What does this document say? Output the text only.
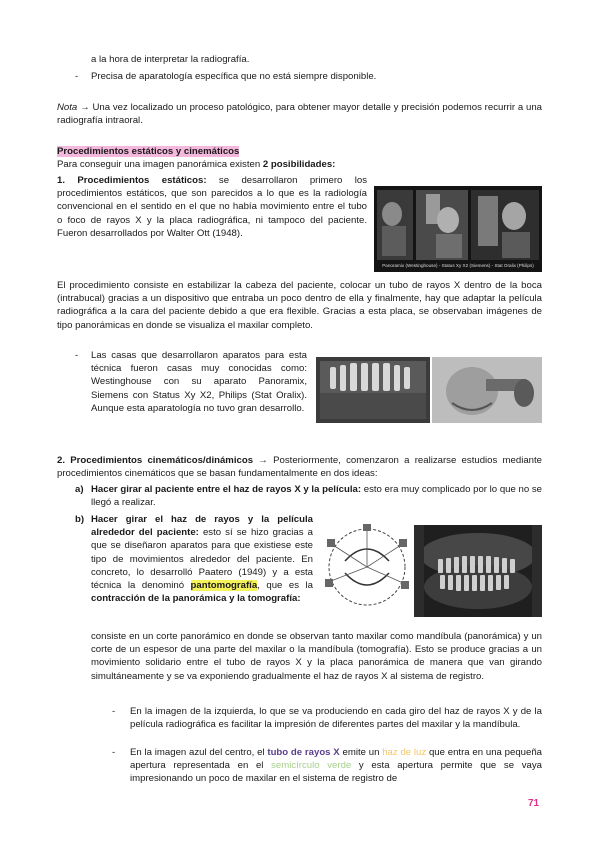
a la hora de interpretar la radiografía.
- Precisa de aparatología específica que no está siempre disponible.
Nota → Una vez localizado un proceso patológico, para obtener mayor detalle y precisión podemos recurrir a una radiografía intraoral.
Procedimientos estáticos y cinemáticos
Para conseguir una imagen panorámica existen 2 posibilidades:
1. Procedimientos estáticos: se desarrollaron primero los procedimientos estáticos, que son parecidos a lo que es la radiología convencional en el sentido en el que no había movimiento entre el tubo o foco de rayos X y la placa radiográfica, ni tampoco del paciente. Fueron desarrollados por Walter Ott (1948).
Panoramix (Westinghouse) - Status Xy X2 (Siemens) - Stat Oralix (Philips)
El procedimiento consiste en estabilizar la cabeza del paciente, colocar un tubo de rayos X dentro de la boca (intrabucal) gracias a un dispositivo que entraba un poco dentro de ella y finalmente, hay que adaptar la película radiográfica a la cara del paciente debido a que era flexible. Gracias a esta placa, se observaban imágenes de tipo panorámicas en donde se visualiza el maxilar completo.
- Las casas que desarrollaron aparatos para esta técnica fueron casas muy conocidas como: Westinghouse con su aparato Panoramix, Siemens con Status Xy X2, Philips (Stat Oralix). Aunque esta aparatología no tuvo gran desarrollo.
2. Procedimientos cinemáticos/dinámicos → Posteriormente, comenzaron a realizarse estudios mediante procedimientos cinemáticos que se basan fundamentalmente en dos ideas:
a) Hacer girar al paciente entre el haz de rayos X y la película: esto era muy complicado por lo que no se llegó a realizar.
b) Hacer girar el haz de rayos y la película alrededor del paciente: esto sí se hizo gracias a que se diseñaron aparatos para que existiese este tipo de movimientos alrededor del paciente. En concreto, lo desarrolló Paatero (1949) y a esta técnica la denominó pantomografía, que es la contracción de la panorámica y la tomografía:
consiste en un corte panorámico en donde se observan tanto maxilar como mandíbula (panorámica) y un corte de un espesor de una parte del maxilar o la mandíbula (tomografía). Esto se produce gracias a un movimiento solidario entre el tubo de rayos X y la placa panorámica de manera que van girando simultáneamente y se va exponiendo gradualmente el haz de rayos X al sistema de registro.
- En la imagen de la izquierda, lo que se va produciendo en cada giro del haz de rayos X y de la película radiográfica es facilitar la impresión de diferentes partes del maxilar y la mandíbula.
- En la imagen azul del centro, el tubo de rayos X emite un haz de luz que entra en una pequeña apertura representada en el semicírculo verde y esta apertura permite que se vaya impresionando un poco de maxilar en el sistema de registro de
71
